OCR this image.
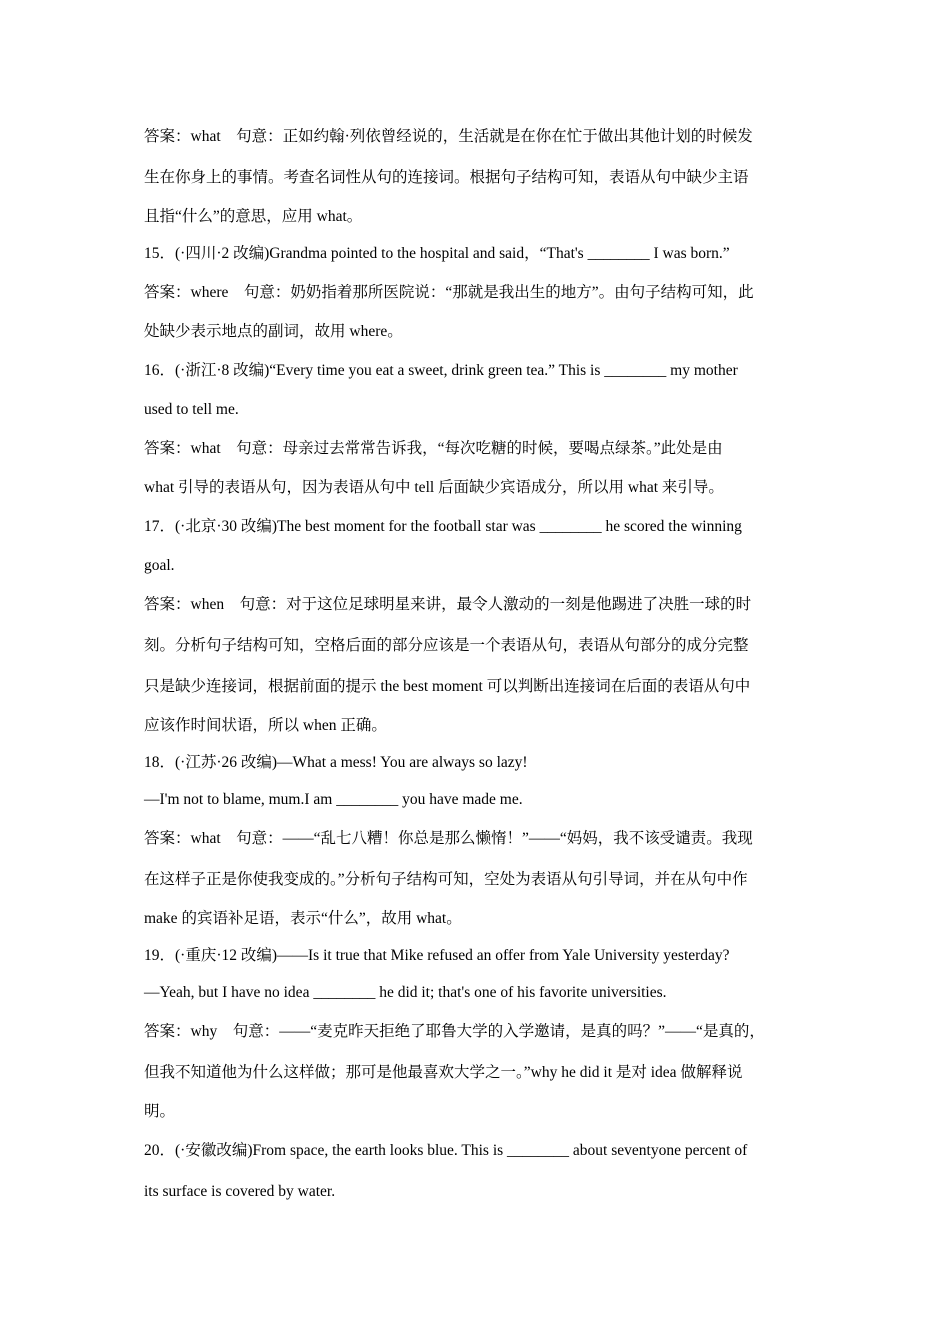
答案：what　句意：正如约翰·列依曾经说的，生活就是在你在忙于做出其他计划的时候发
生在你身上的事情。考查名词性从句的连接词。根据句子结构可知，表语从句中缺少主语
且指“什么”的意思，应用 what。
15．(·四川·2 改编)Grandma pointed to the hospital and said，“That's ________ I was born.”
答案：where　句意：奶奶指着那所医院说：“那就是我出生的地方”。由句子结构可知，此
处缺少表示地点的副词，故用 where。
16．(·浙江·8 改编)“Every time you eat a sweet, drink green tea.” This is ________ my mother
used to tell me.
答案：what　句意：母亲过去常常告诉我，“每次吃糖的时候，要喝点绿茶。”此处是由
what 引导的表语从句，因为表语从句中 tell 后面缺少宾语成分，所以用 what 来引导。
17．(·北京·30 改编)The best moment for the football star was ________ he scored the winning
goal.
答案：when　句意：对于这位足球明星来讲，最令人激动的一刻是他踢进了决胜一球的时
刻。分析句子结构可知，空格后面的部分应该是一个表语从句，表语从句部分的成分完整
只是缺少连接词，根据前面的提示 the best moment 可以判断出连接词在后面的表语从句中
应该作时间状语，所以 when 正确。
18．(·江苏·26 改编)—What a mess! You are always so lazy!
—I'm not to blame, mum.I am ________ you have made me.
答案：what　句意：——“乱七八糟！你总是那么懒惰！”——“妈妈，我不该受谴责。我现
在这样子正是你使我变成的。”分析句子结构可知，空处为表语从句引导词，并在从句中作
make 的宾语补足语，表示“什么”，故用 what。
19．(·重庆·12 改编)——Is it true that Mike refused an offer from Yale University yesterday?
—Yeah, but I have no idea ________ he did it; that's one of his favorite universities.
答案：why　句意：——“麦克昨天拒绝了耶鲁大学的入学邀请，是真的吗？”——“是真的，
但我不知道他为什么这样做；那可是他最喜欢大学之一。”why he did it 是对 idea 做解释说
明。
20．(·安徽改编)From space, the earth looks blue. This is ________ about seventyone percent of
its surface is covered by water.
